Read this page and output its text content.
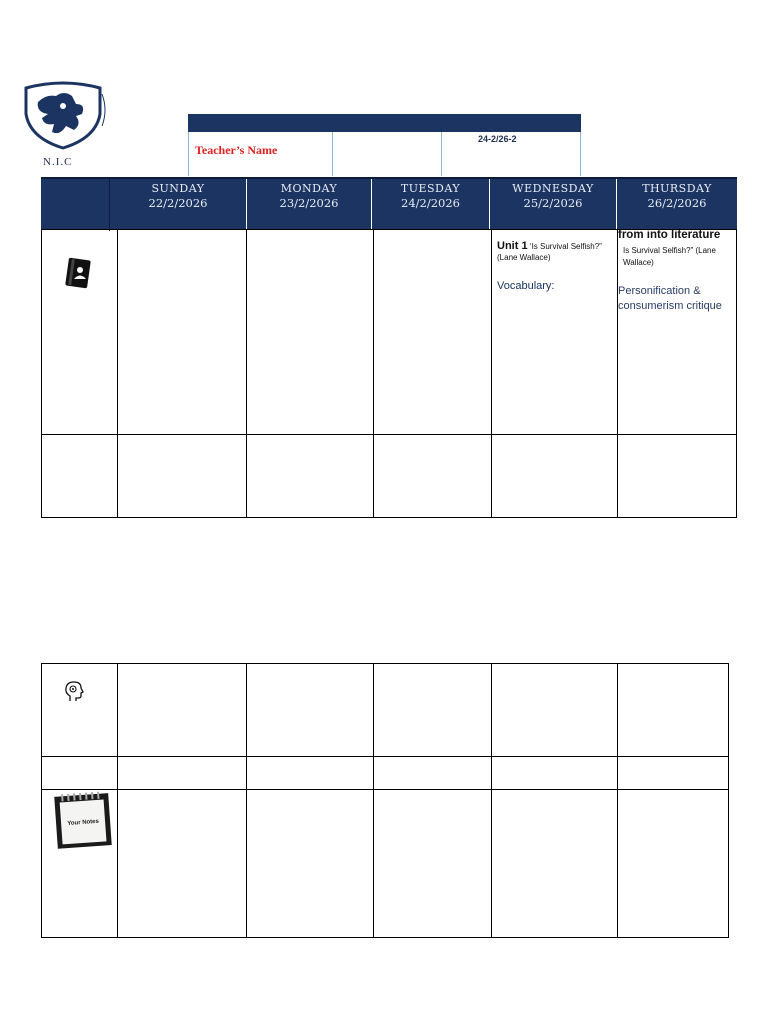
N.I.C
Teacher’s Name
24-2/26-2
SUNDAY
22/2/2026
MONDAY
23/2/2026
TUESDAY
24/2/2026
WEDNESDAY
25/2/2026
THURSDAY
26/2/2026
Unit 1 ‘Is Survival Selfish?” (Lane Wallace)
Vocabulary:
from into literature
Is Survival Selfish?” (Lane Wallace)
Personification & consumerism critique
Your Notes
